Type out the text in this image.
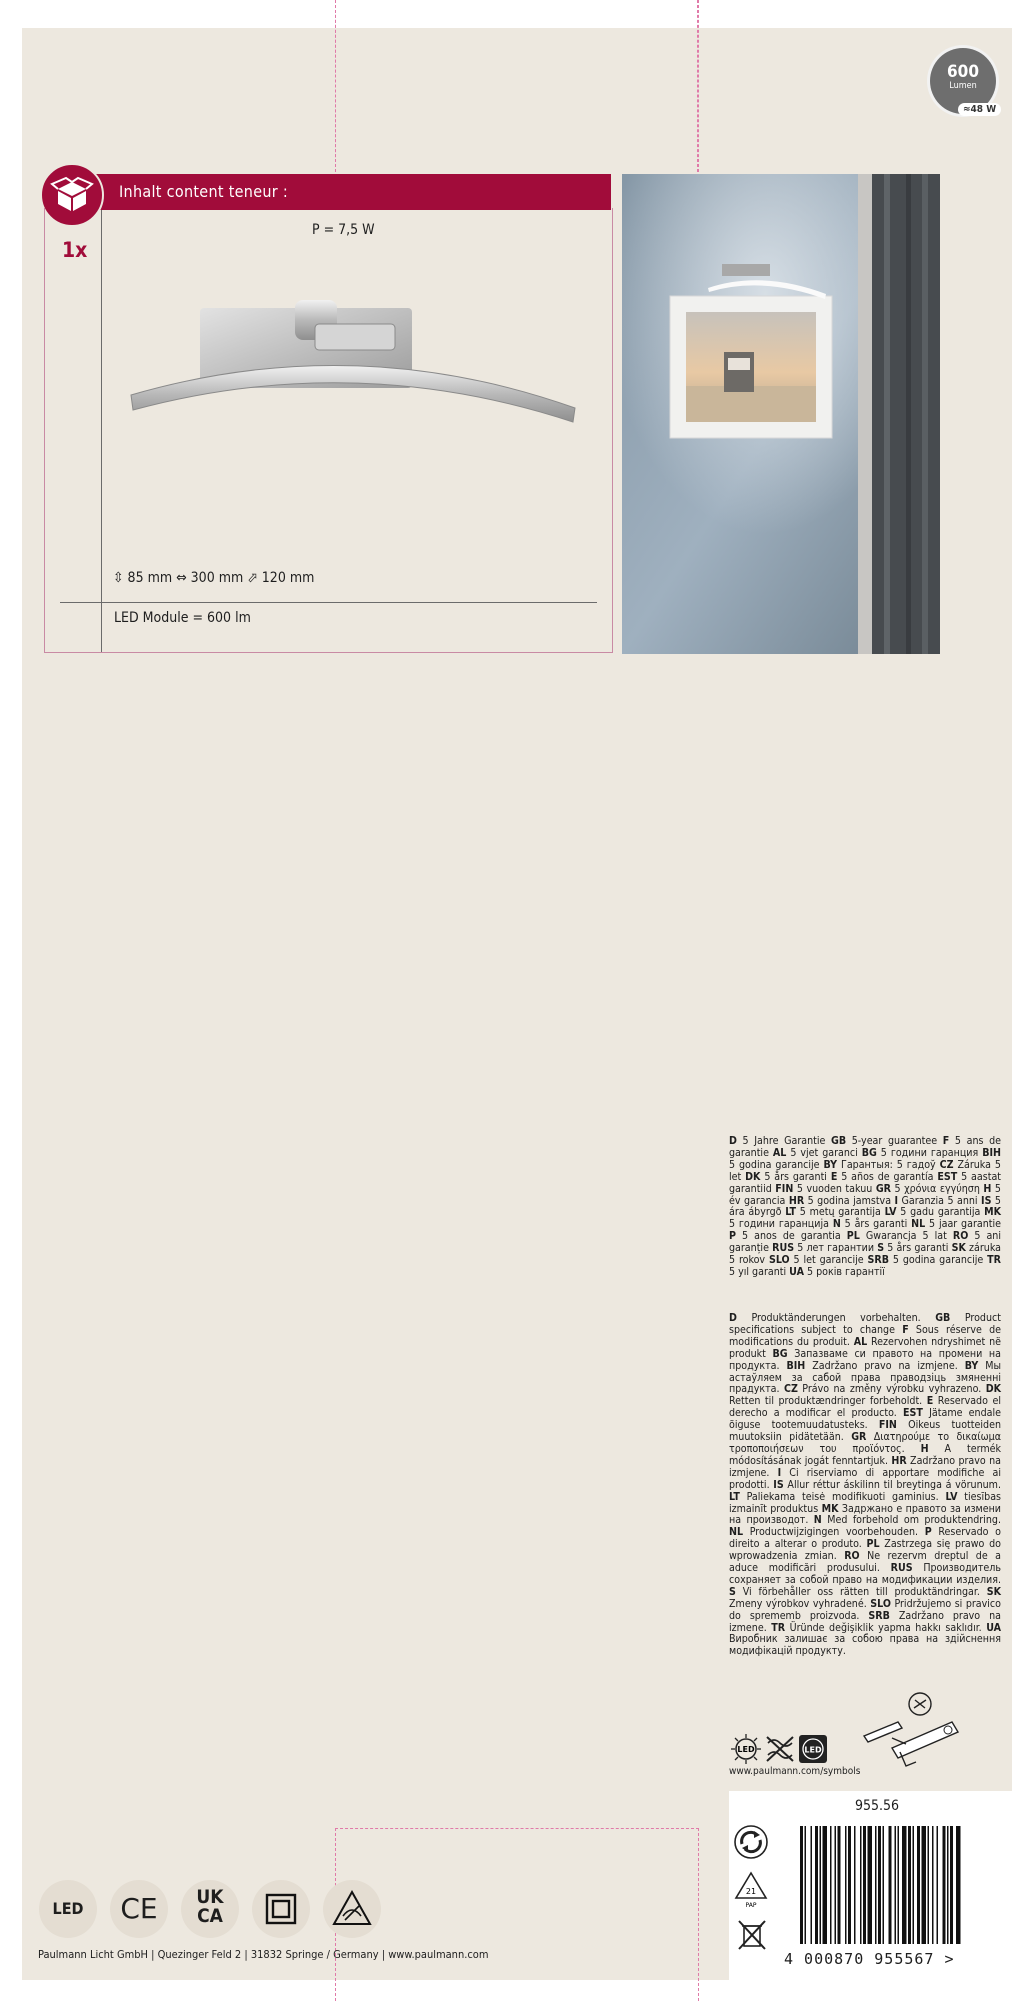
600
Lumen
≈48 W
Inhalt content teneur :
1x
P = 7,5 W
⇳ 85 mm ⇔ 300 mm ⬀ 120 mm
LED Module = 600 lm
D 5 Jahre Garantie GB 5-year guarantee F 5 ans de garantie AL 5 vjet garanci BG 5 години гаранция BIH 5 godina garancije BY Гарантыя: 5 гадоў CZ Záruka 5 let DK 5 års garanti E 5 años de garantía EST 5 aastat garantiid FIN 5 vuoden takuu GR 5 χρόνια εγγύηση H 5 év garancia HR 5 godina jamstva I Garanzia 5 anni IS 5 ára ábyrgð LT 5 metų garantija LV 5 gadu garantija MK 5 години гаранција N 5 års garanti NL 5 jaar garantie P 5 anos de garantia PL Gwarancja 5 lat RO 5 ani garanție RUS 5 лет гарантии S 5 års garanti SK záruka 5 rokov SLO 5 let garancije SRB 5 godina garancije TR 5 yıl garanti UA 5 років гарантії
D Produktänderungen vorbehalten. GB Product specifications subject to change F Sous réserve de modifications du produit. AL Rezervohen ndryshimet në produkt BG Запазваме си правото на промени на продукта. BIH Zadržano pravo na izmjene. BY Мы астаўляем за сабой права праводзіць змяненні прадукта. CZ Právo na změny výrobku vyhrazeno. DK Retten til produktændringer forbeholdt. E Reservado el derecho a modificar el producto. EST Jätame endale õiguse tootemuudatusteks. FIN Oikeus tuotteiden muutoksiin pidätetään. GR Διατηρούμε το δικαίωμα τροποποιήσεων του προϊόντος. H A termék módosításának jogát fenntartjuk. HR Zadržano pravo na izmjene. I Ci riserviamo di apportare modifiche ai prodotti. IS Allur réttur áskilinn til breytinga á vörunum. LT Paliekama teisė modifikuoti gaminius. LV tiesības izmainīt produktus MK Задржано е правото за измени на производот. N Med forbehold om produktendring. NL Productwijzigingen voorbehouden. P Reservado o direito a alterar o produto. PL Zastrzega się prawo do wprowadzenia zmian. RO Ne rezervm dreptul de a aduce modificări produsului. RUS Производитель сохраняет за собой право на модификации изделия. S Vi förbehåller oss rätten till produktändringar. SK Zmeny výrobkov vyhradené. SLO Pridržujemo si pravico do sprememb proizvoda. SRB Zadržano pravo na izmene. TR Üründe değişiklik yapma hakkı saklıdır. UA Виробник залишає за собою права на здійснення модифікацій продукту.
LED	LED
www.paulmann.com/symbols
955.56
21
PAP
4 000870 955567 >
LED	CE	UK
CA
Paulmann Licht GmbH | Quezinger Feld 2 | 31832 Springe / Germany | www.paulmann.com
